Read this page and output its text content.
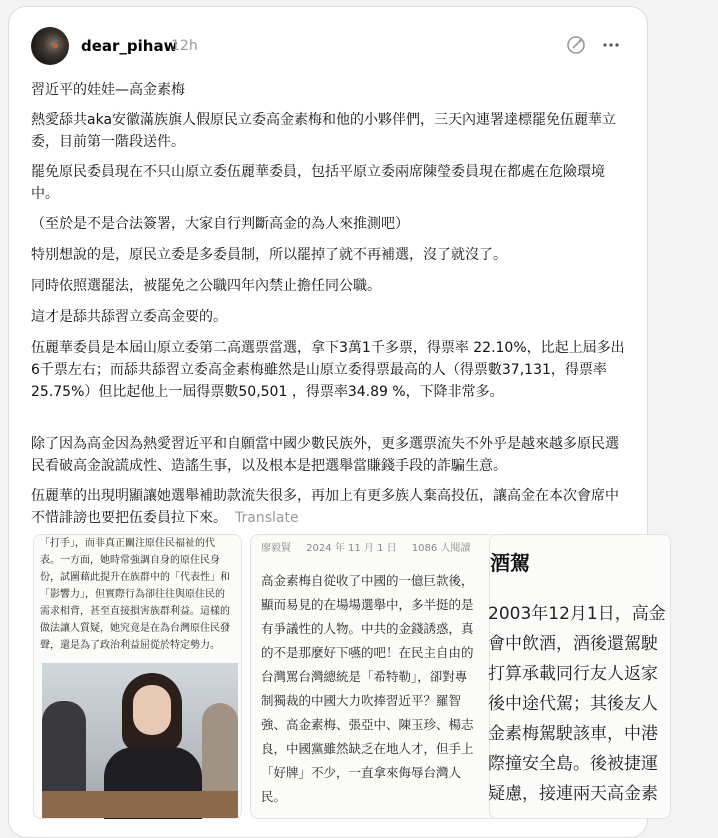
dear_pihaw
12h

習近平的娃娃—高金素梅

熱愛舔共aka安徽滿族旗人假原民立委高金素梅和他的小夥伴們，三天內連署達標罷免伍麗華立委，目前第一階段送件。

罷免原民委員現在不只山原立委伍麗華委員，包括平原立委兩席陳瑩委員現在都處在危險環境中。

（至於是不是合法簽署，大家自行判斷高金的為人來推測吧）

特別想說的是，原民立委是多委員制，所以罷掉了就不再補選，沒了就沒了。

同時依照選罷法，被罷免之公職四年內禁止擔任同公職。

這才是舔共舔習立委高金要的。

伍麗華委員是本屆山原立委第二高選票當選，拿下3萬1千多票，得票率 22.10%，比起上屆多出6千票左右；而舔共舔習立委高金素梅雖然是山原立委得票最高的人（得票數37,131，得票率 25.75%）但比起他上一屆得票數50,501 ，得票率34.89 %，下降非常多。

除了因為高金因為熱愛習近平和自願當中國少數民族外，更多選票流失不外乎是越來越多原民選民看破高金說謊成性、造謠生事，以及根本是把選舉當賺錢手段的詐騙生意。

伍麗華的出現明顯讓她選舉補助款流失很多，再加上有更多族人棄高投伍，讓高金在本次會席中不惜誹謗也要把伍委員拉下來。 Translate

「打手」，而非真正關注原住民福祉的代
表。一方面，她時常強調自身的原住民身
份，試圖藉此提升在族群中的「代表性」和
「影響力」，但實際行為卻往往與原住民的
需求相背，甚至直接損害族群利益。這樣的
做法讓人質疑，她究竟是在為台灣原住民發
聲，還是為了政治利益屈從於特定勢力。
廖毅賢 2024 年 11 月 1 日 1086 人閱讀
高金素梅自從收了中國的一億巨款後，
顯而易見的在場場選舉中，多半挺的是
有爭議性的人物。中共的金錢誘惑，真
的不是那麼好下嚥的吧！在民主自由的
台灣罵台灣總統是「希特勒」，卻對專
制獨裁的中國大力吹捧習近平？羅智
強、高金素梅、張亞中、陳玉珍、楊志
良，中國黨雖然缺乏在地人才，但手上
「好牌」不少，一直拿來侮辱台灣人
民。
酒駕
2003年12月1日，高金
會中飲酒，酒後還駕駛
打算承載同行友人返家
後中途代駕；其後友人
金素梅駕駛該車，中港
際撞安全島。後被捷運
疑慮，接連兩天高金素
